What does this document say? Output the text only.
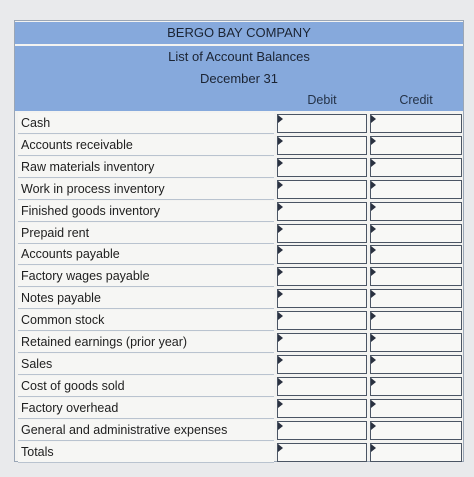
BERGO BAY COMPANY
List of Account Balances
December 31
Debit	Credit
Cash
Accounts receivable
Raw materials inventory
Work in process inventory
Finished goods inventory
Prepaid rent
Accounts payable
Factory wages payable
Notes payable
Common stock
Retained earnings (prior year)
Sales
Cost of goods sold
Factory overhead
General and administrative expenses
Totals
